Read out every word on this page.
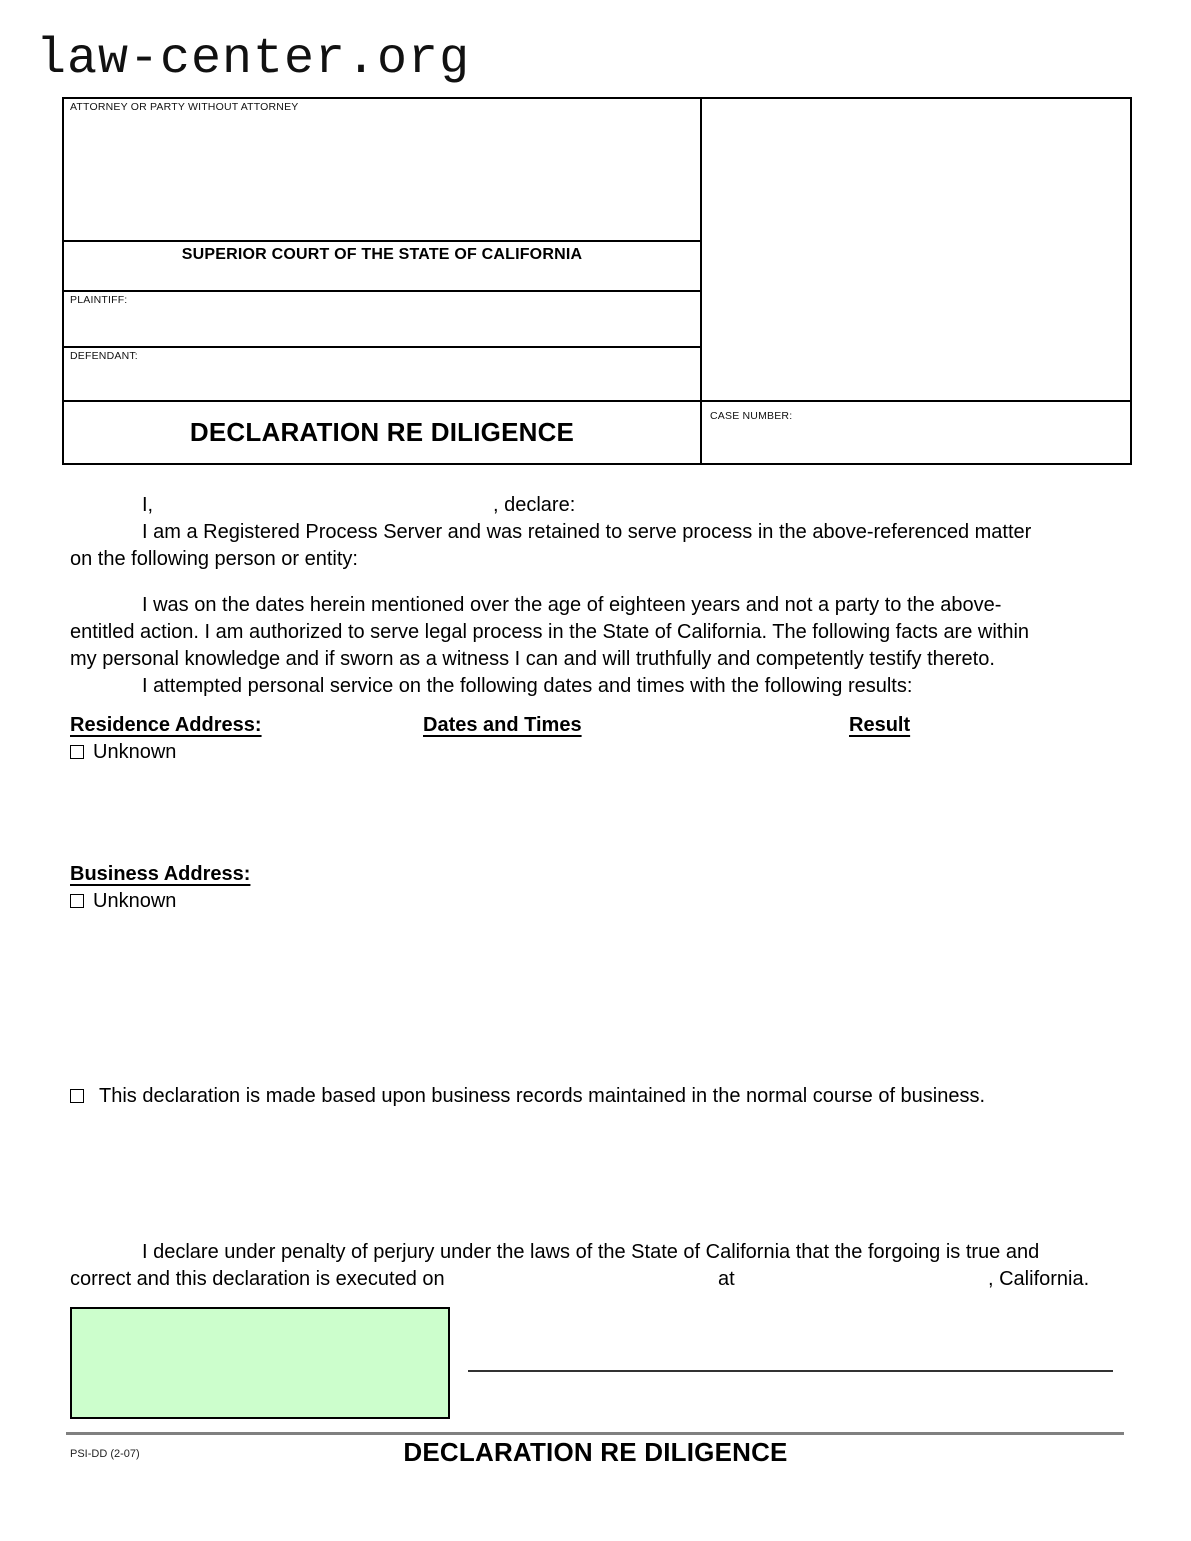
law-center.org
ATTORNEY OR PARTY WITHOUT ATTORNEY
SUPERIOR COURT OF THE STATE OF CALIFORNIA
PLAINTIFF:
DEFENDANT:
DECLARATION RE DILIGENCE
CASE NUMBER:
I,	, declare:
I am a Registered Process Server and was retained to serve process in the above-referenced matter
on the following person or entity:
I was on the dates herein mentioned over the age of eighteen years and not a party to the above-
entitled action. I am authorized to serve legal process in the State of California. The following facts are within
my personal knowledge and if sworn as a witness I can and will truthfully and competently testify thereto.
I attempted personal service on the following dates and times with the following results:
Residence Address:	Dates and Times	Result
Unknown
Business Address:
Unknown
This declaration is made based upon business records maintained in the normal course of business.
I declare under penalty of perjury under the laws of the State of California that the forgoing is true and
correct and this declaration is executed on	at	, California.
PSI-DD (2-07)	DECLARATION RE DILIGENCE
